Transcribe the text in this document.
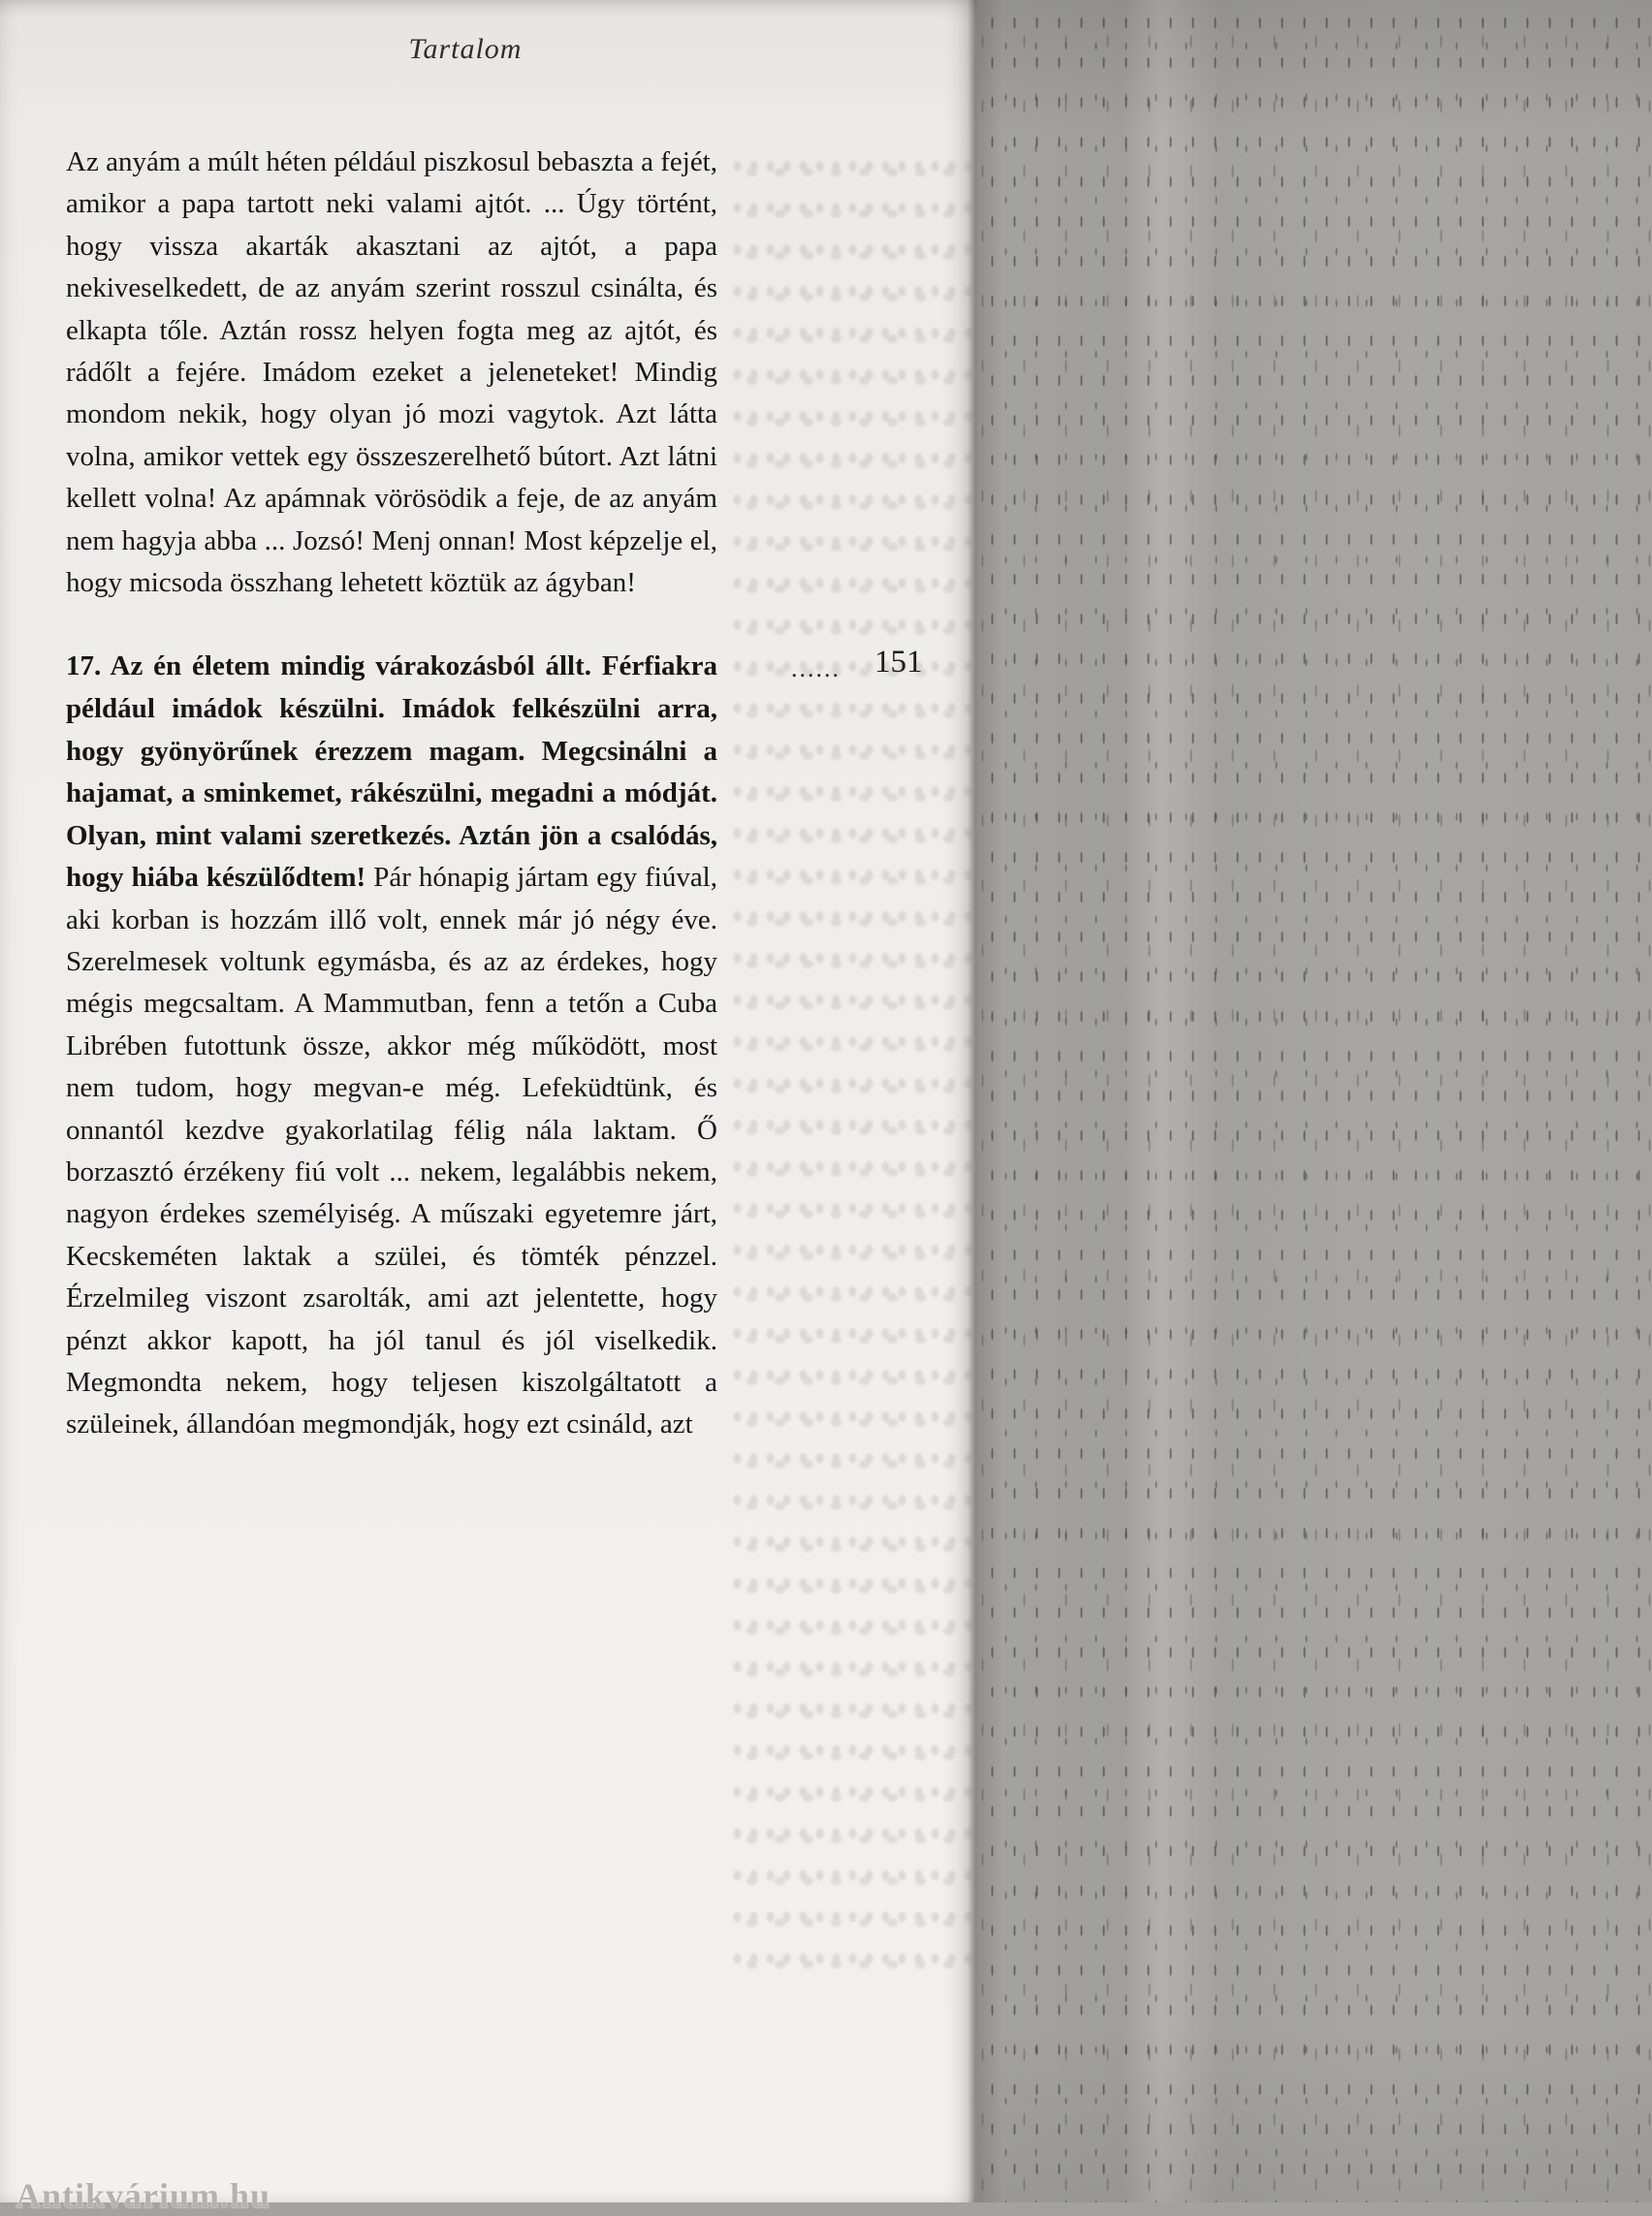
Tartalom

Az anyám a múlt héten például piszkosul bebaszta a fejét, amikor a papa tartott neki valami ajtót. ... Úgy történt, hogy vissza akarták akasztani az ajtót, a papa nekiveselkedett, de az anyám szerint rosszul csinálta, és elkapta tőle. Aztán rossz helyen fogta meg az ajtót, és rádőlt a fejére. Imádom ezeket a jeleneteket! Mindig mondom nekik, hogy olyan jó mozi vagytok. Azt látta volna, amikor vettek egy összeszerelhető bútort. Azt látni kellett volna! Az apámnak vörösödik a feje, de az anyám nem hagyja abba ... Jozsó! Menj onnan! Most képzelje el, hogy micsoda összhang lehetett köztük az ágyban!

17. Az én életem mindig várakozásból állt. Férfiakra	...... 151

például imádok készülni. Imádok felkészülni arra, hogy gyönyörűnek érezzem magam. Megcsinálni a hajamat, a sminkemet, rákészülni, megadni a módját. Olyan, mint valami szeretkezés. Aztán jön a csalódás, hogy hiába készülődtem! Pár hónapig jártam egy fiúval, aki korban is hozzám illő volt, ennek már jó négy éve. Szerelmesek voltunk egymásba, és az az érdekes, hogy mégis megcsaltam. A Mammutban, fenn a tetőn a Cuba Librében futottunk össze, akkor még működött, most nem tudom, hogy megvan-e még. Lefeküdtünk, és onnantól kezdve gyakorlatilag félig nála laktam. Ő borzasztó érzékeny fiú volt ... nekem, legalábbis nekem, nagyon érdekes személyiség. A műszaki egyetemre járt, Kecskeméten laktak a szülei, és tömték pénzzel. Érzelmileg viszont zsarolták, ami azt jelentette, hogy pénzt akkor kapott, ha jól tanul és jól viselkedik. Megmondta nekem, hogy teljesen kiszolgáltatott a szüleinek, állandóan megmondják, hogy ezt csináld, azt

Antikvárium.hu
